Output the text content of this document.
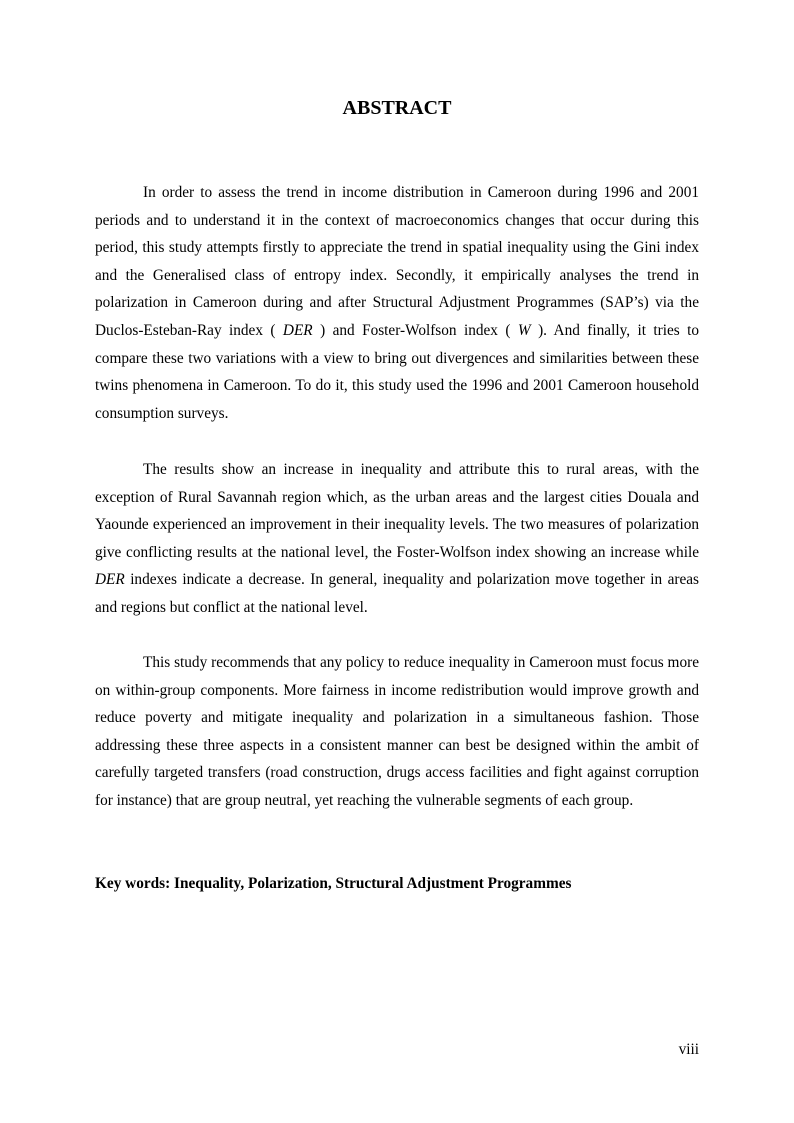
ABSTRACT

In order to assess the trend in income distribution in Cameroon during 1996 and 2001 periods and to understand it in the context of macroeconomics changes that occur during this period, this study attempts firstly to appreciate the trend in spatial inequality using the Gini index and the Generalised class of entropy index. Secondly, it empirically analyses the trend in polarization in Cameroon during and after Structural Adjustment Programmes (SAP’s) via the Duclos-Esteban-Ray index ( DER ) and Foster-Wolfson index ( W ). And finally, it tries to compare these two variations with a view to bring out divergences and similarities between these twins phenomena in Cameroon. To do it, this study used the 1996 and 2001 Cameroon household consumption surveys.

The results show an increase in inequality and attribute this to rural areas, with the exception of Rural Savannah region which, as the urban areas and the largest cities Douala and Yaounde experienced an improvement in their inequality levels. The two measures of polarization give conflicting results at the national level, the Foster-Wolfson index showing an increase while DER indexes indicate a decrease. In general, inequality and polarization move together in areas and regions but conflict at the national level.

This study recommends that any policy to reduce inequality in Cameroon must focus more on within-group components. More fairness in income redistribution would improve growth and reduce poverty and mitigate inequality and polarization in a simultaneous fashion. Those addressing these three aspects in a consistent manner can best be designed within the ambit of carefully targeted transfers (road construction, drugs access facilities and fight against corruption for instance) that are group neutral, yet reaching the vulnerable segments of each group.

Key words: Inequality, Polarization, Structural Adjustment Programmes

viii
